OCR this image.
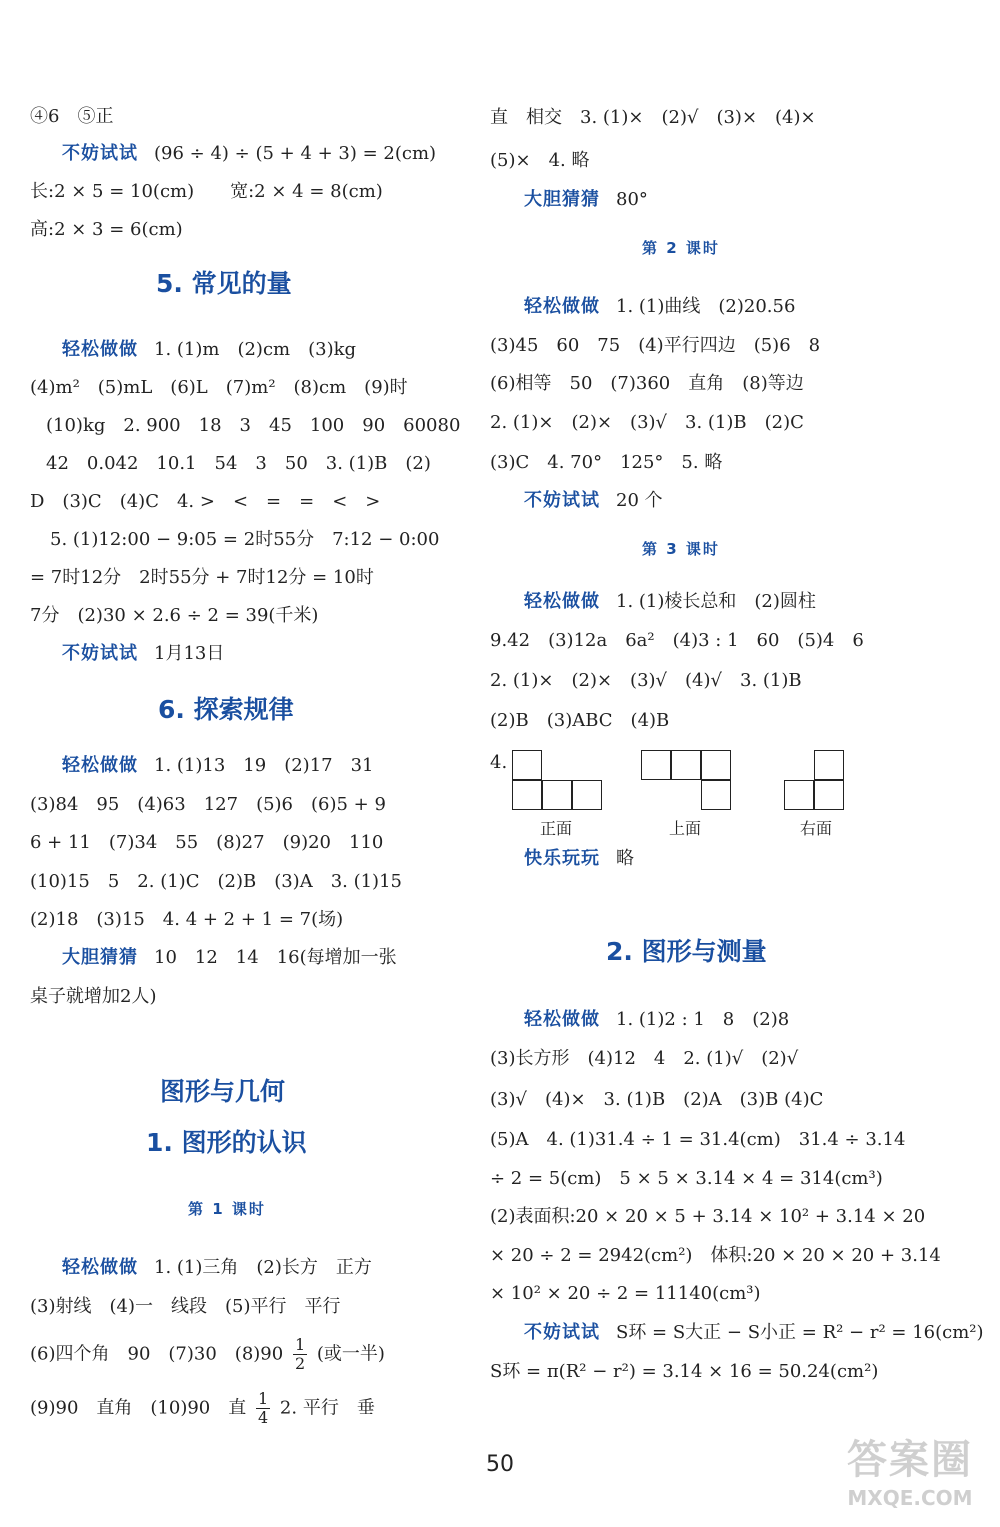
④6　⑤正
不妨试试 (96 ÷ 4) ÷ (5 + 4 + 3) = 2(cm)
长:2 × 5 = 10(cm)　　宽:2 × 4 = 8(cm)
高:2 × 3 = 6(cm)
5. 常见的量
轻松做做 1. (1)m　(2)cm　(3)kg
(4)m²　(5)mL　(6)L　(7)m²　(8)cm　(9)时
(10)kg　2. 900　18　3　45　100　90　60080
42　0.042　10.1　54　3　50　3. (1)B　(2)
D　(3)C　(4)C　4. >　<　=　=　<　>
5. (1)12:00 − 9:05 = 2时55分　7:12 − 0:00
= 7时12分　2时55分 + 7时12分 = 10时
7分　(2)30 × 2.6 ÷ 2 = 39(千米)
不妨试试 1月13日
6. 探索规律
轻松做做 1. (1)13　19　(2)17　31
(3)84　95　(4)63　127　(5)6　(6)5 + 9
6 + 11　(7)34　55　(8)27　(9)20　110
(10)15　5　2. (1)C　(2)B　(3)A　3. (1)15
(2)18　(3)15　4. 4 + 2 + 1 = 7(场)
大胆猜猜 10　12　14　16(每增加一张
桌子就增加2人)
图形与几何
1. 图形的认识
第 1 课时
轻松做做 1. (1)三角　(2)长方　正方
(3)射线　(4)一　线段　(5)平行　平行
(6)四个角　90　(7)30　$(8)90 \frac{1}{2}$ (或一半)
(9)90　直角　(10)90　直 $\frac{1}{4} 2$. 平行　垂
直　相交　3. (1)×　(2)√　(3)×　(4)×
(5)×　4. 略
大胆猜猜 80°
第 2 课时
轻松做做 1. (1)曲线　(2)20.56
(3)45　60　75　(4)平行四边　(5)6　8
(6)相等　50　(7)360　直角　(8)等边
2. (1)×　(2)×　(3)√　3. (1)B　(2)C
(3)C　4. 70°　125°　5. 略
不妨试试 20 个
第 3 课时
轻松做做 1. (1)棱长总和　(2)圆柱
9.42　(3)12a　6a²　(4)3 : 1　60　(5)4　6
2. (1)×　(2)×　(3)√　(4)√　3. (1)B
(2)B　(3)ABC　(4)B
4.
正面	上面	右面
快乐玩玩 略
2. 图形与测量
轻松做做 1. (1)2 : 1　8　(2)8
(3)长方形　(4)12　4　2. (1)√　(2)√
(3)√　(4)×　3. (1)B　(2)A　(3)B (4)C
(5)A　4. (1)31.4 ÷ 1 = 31.4(cm)　31.4 ÷ 3.14
÷ 2 = 5(cm)　5 × 5 × 3.14 × 4 = 314(cm³)
(2)表面积:20 × 20 × 5 + 3.14 × 10² + 3.14 × 20
× 20 ÷ 2 = 2942(cm²)　体积:20 × 20 × 20 + 3.14
× 10² × 20 ÷ 2 = 11140(cm³)
不妨试试 S环 = S大正 − S小正 = R² − r² = 16(cm²)
S环 = π(R² − r²) = 3.14 × 16 = 50.24(cm²)
50	答案圈
MXQE.COM
